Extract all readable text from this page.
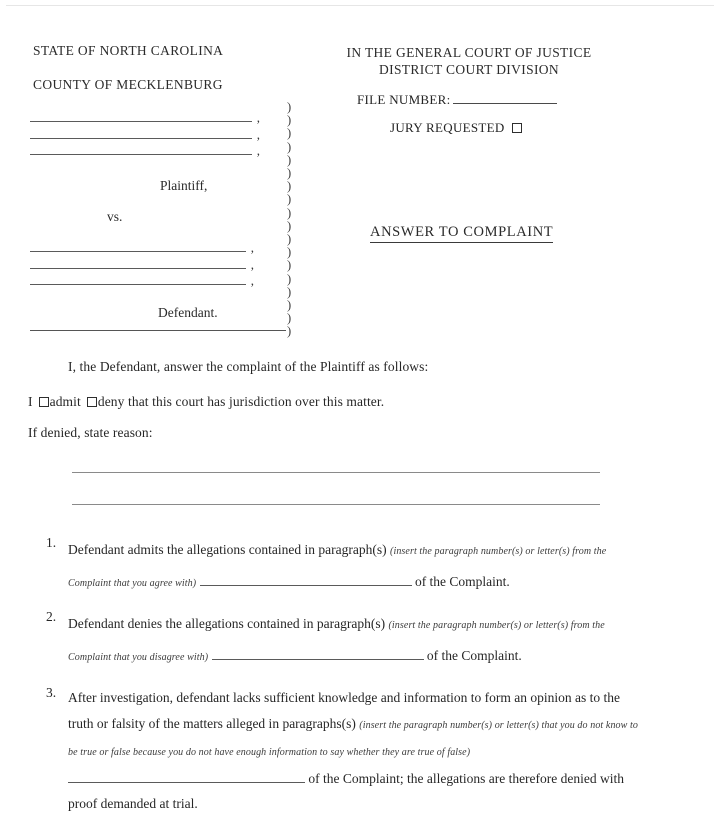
STATE OF NORTH CAROLINA
COUNTY OF MECKLENBURG
IN THE GENERAL COURT OF JUSTICE
DISTRICT COURT DIVISION
FILE NUMBER:
JURY REQUESTED
ANSWER TO COMPLAINT
,
,
,
Plaintiff,
vs.
,
,
,
Defendant.
)
)
)
)
)
)
)
)
)
)
)
)
)
)
)
)
)
)
I, the Defendant, answer the complaint of the Plaintiff as follows:
I admit deny that this court has jurisdiction over this matter.
If denied, state reason:
1. Defendant admits the allegations contained in paragraph(s) (insert the paragraph number(s) or letter(s) from the
Complaint that you agree with)	of the Complaint.
2. Defendant denies the allegations contained in paragraph(s) (insert the paragraph number(s) or letter(s) from the
Complaint that you disagree with)	of the Complaint.
3. After investigation, defendant lacks sufficient knowledge and information to form an opinion as to the
truth or falsity of the matters alleged in paragraphs(s) (insert the paragraph number(s) or letter(s) that you do not know to
be true or false because you do not have enough information to say whether they are true of false)
of the Complaint; the allegations are therefore denied with
proof demanded at trial.
